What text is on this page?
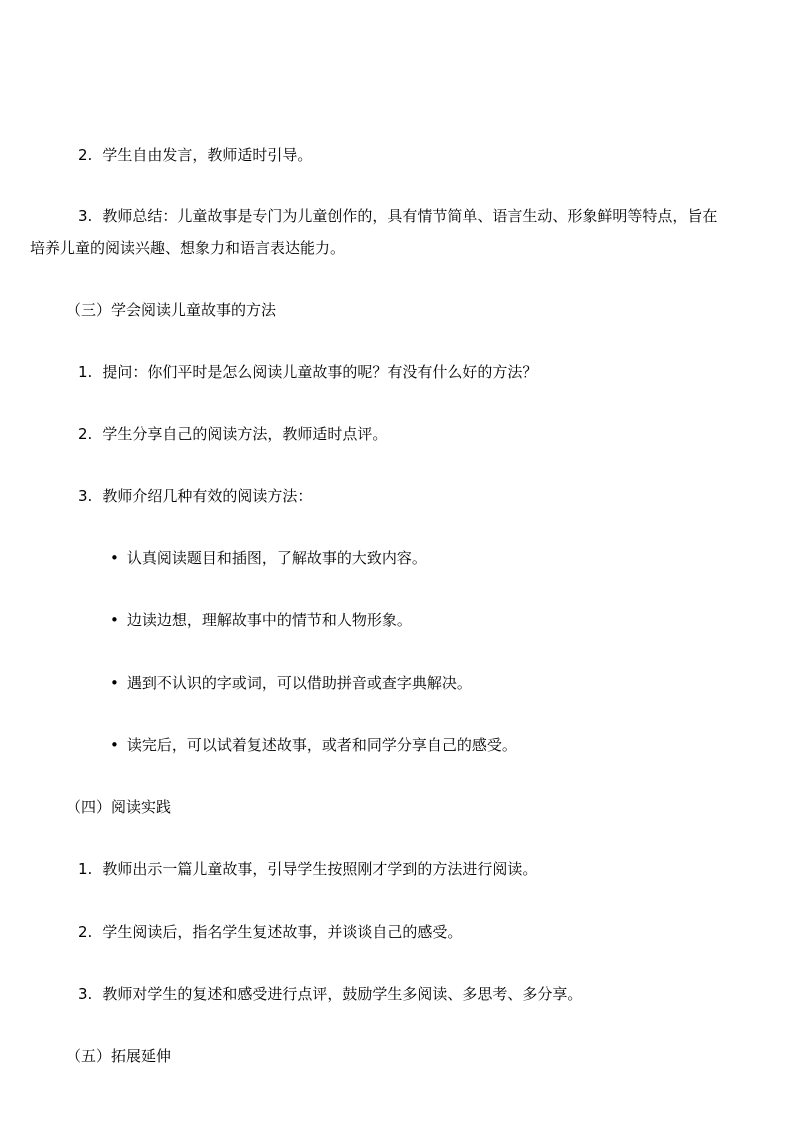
2. 学生自由发言，教师适时引导。
3. 教师总结：儿童故事是专门为儿童创作的，具有情节简单、语言生动、形象鲜明等特点，旨在
培养儿童的阅读兴趣、想象力和语言表达能力。
（三）学会阅读儿童故事的方法
1. 提问：你们平时是怎么阅读儿童故事的呢？有没有什么好的方法？
2. 学生分享自己的阅读方法，教师适时点评。
3. 教师介绍几种有效的阅读方法：
• 认真阅读题目和插图，了解故事的大致内容。
• 边读边想，理解故事中的情节和人物形象。
• 遇到不认识的字或词，可以借助拼音或查字典解决。
• 读完后，可以试着复述故事，或者和同学分享自己的感受。
（四）阅读实践
1. 教师出示一篇儿童故事，引导学生按照刚才学到的方法进行阅读。
2. 学生阅读后，指名学生复述故事，并谈谈自己的感受。
3. 教师对学生的复述和感受进行点评，鼓励学生多阅读、多思考、多分享。
（五）拓展延伸
